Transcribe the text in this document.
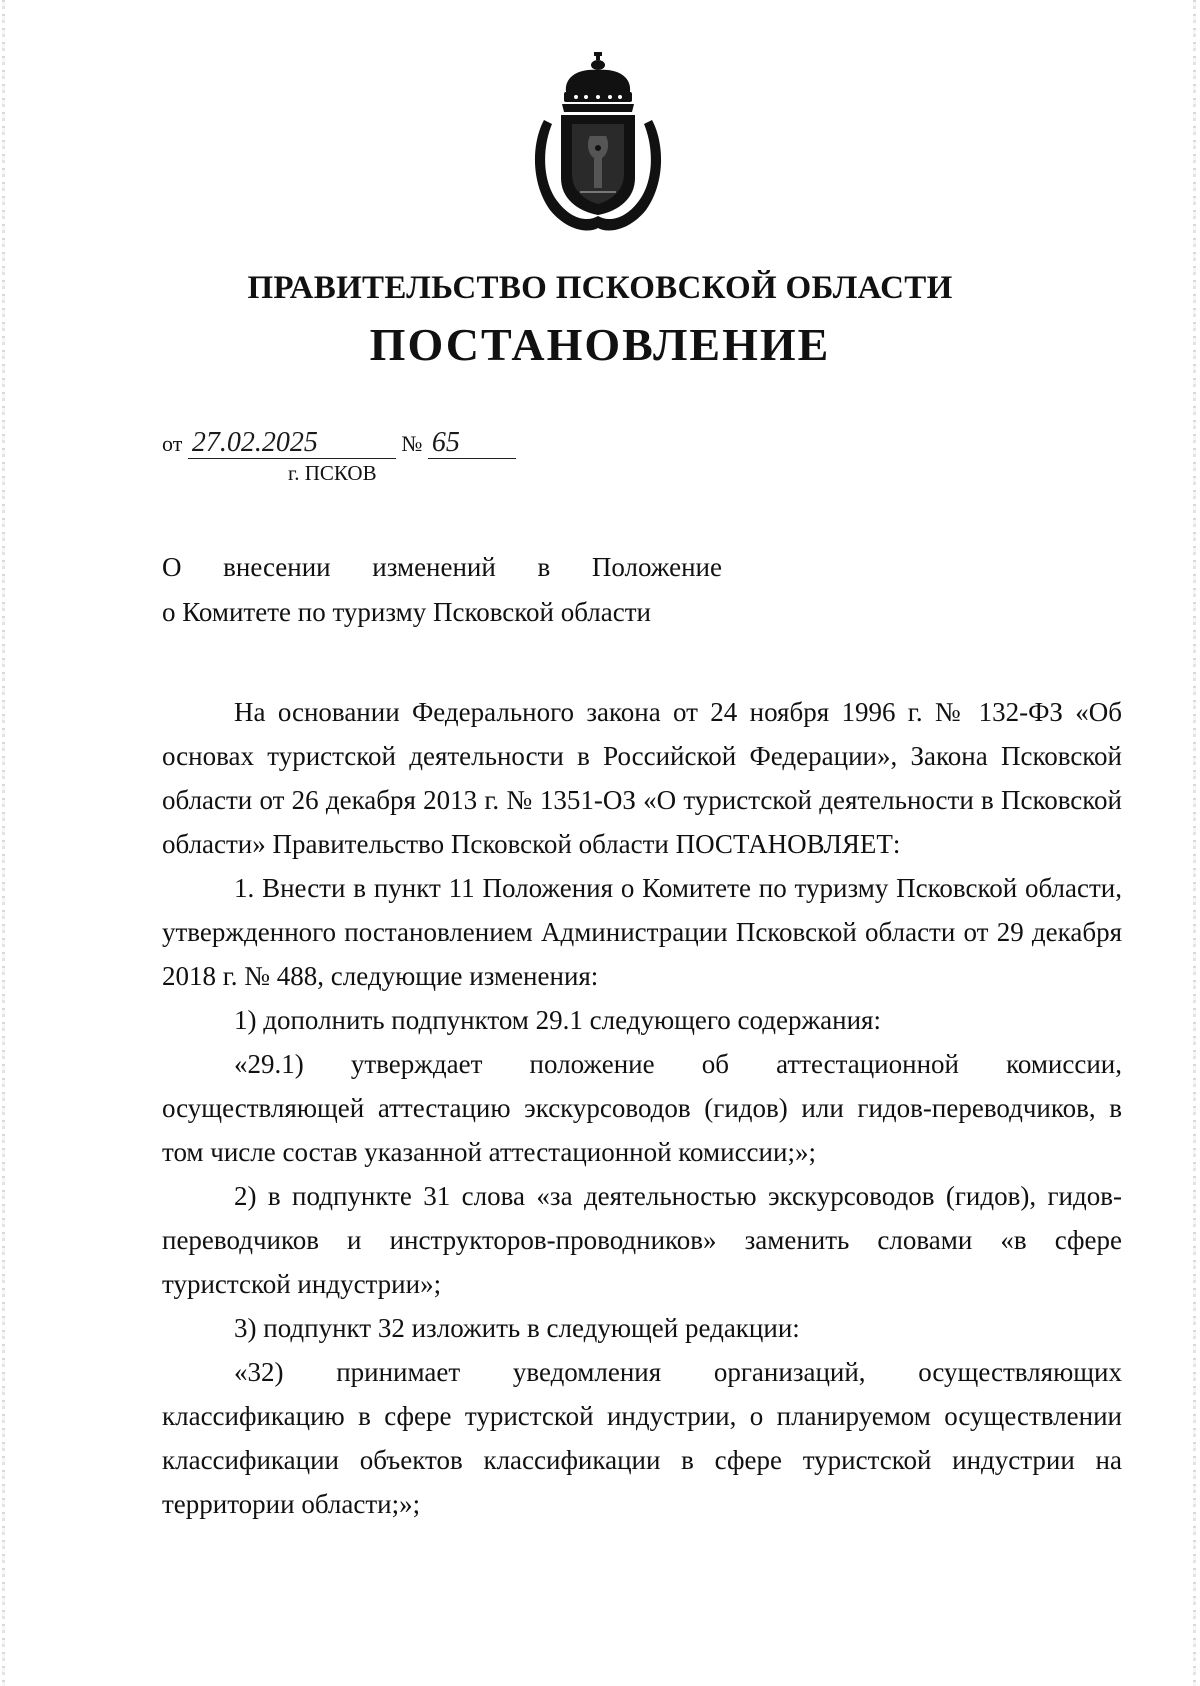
ПРАВИТЕЛЬСТВО ПСКОВСКОЙ ОБЛАСТИ
ПОСТАНОВЛЕНИЕ
от 27.02.2025	№ 65
г. ПСКОВ
О внесении изменений в Положение
о Комитете по туризму Псковской области

На основании Федерального закона от 24 ноября 1996 г. № 132-ФЗ «Об основах туристской деятельности в Российской Федерации», Закона Псковской области от 26 декабря 2013 г. № 1351-ОЗ «О туристской деятельности в Псковской области» Правительство Псковской области ПОСТАНОВЛЯЕТ:

1. Внести в пункт 11 Положения о Комитете по туризму Псковской области, утвержденного постановлением Администрации Псковской области от 29 декабря 2018 г. № 488, следующие изменения:

1) дополнить подпунктом 29.1 следующего содержания:

«29.1) утверждает положение об аттестационной комиссии, осуществляющей аттестацию экскурсоводов (гидов) или гидов-переводчиков, в том числе состав указанной аттестационной комиссии;»;

2) в подпункте 31 слова «за деятельностью экскурсоводов (гидов), гидов-переводчиков и инструкторов-проводников» заменить словами «в сфере туристской индустрии»;

3) подпункт 32 изложить в следующей редакции:

«32) принимает уведомления организаций, осуществляющих классификацию в сфере туристской индустрии, о планируемом осуществлении классификации объектов классификации в сфере туристской индустрии на территории области;»;
